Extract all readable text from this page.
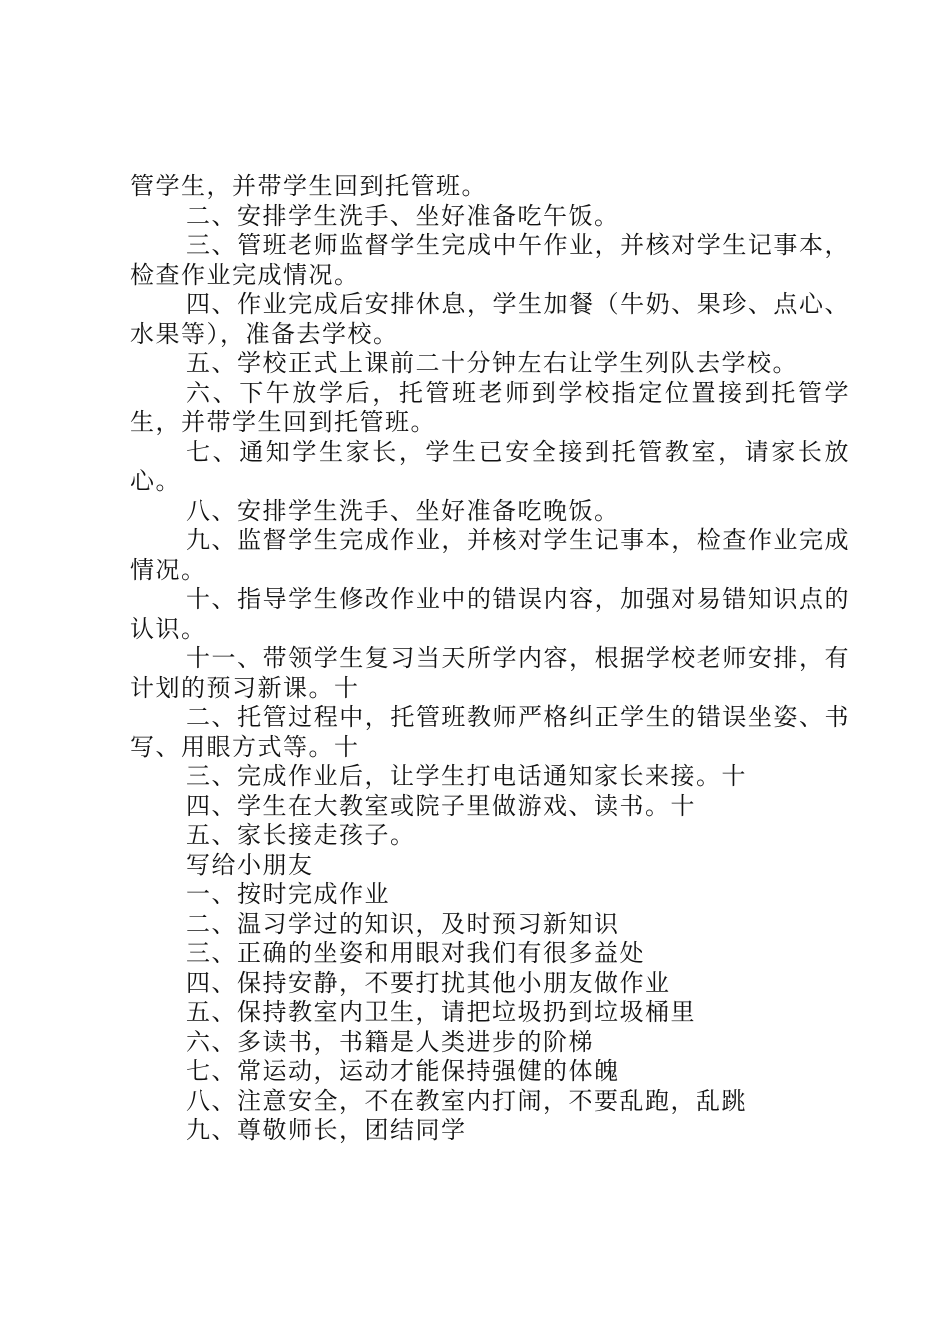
管学生，并带学生回到托管班。

二、安排学生洗手、坐好准备吃午饭。

三、管班老师监督学生完成中午作业，并核对学生记事本，检查作业完成情况。

四、作业完成后安排休息，学生加餐（牛奶、果珍、点心、水果等），准备去学校。

五、学校正式上课前二十分钟左右让学生列队去学校。

六、下午放学后，托管班老师到学校指定位置接到托管学生，并带学生回到托管班。

七、通知学生家长，学生已安全接到托管教室，请家长放心。

八、安排学生洗手、坐好准备吃晚饭。

九、监督学生完成作业，并核对学生记事本，检查作业完成情况。

十、指导学生修改作业中的错误内容，加强对易错知识点的认识。

十一、带领学生复习当天所学内容，根据学校老师安排，有计划的预习新课。十

二、托管过程中，托管班教师严格纠正学生的错误坐姿、书写、用眼方式等。十

三、完成作业后，让学生打电话通知家长来接。十

四、学生在大教室或院子里做游戏、读书。十

五、家长接走孩子。

写给小朋友

一、按时完成作业

二、温习学过的知识，及时预习新知识

三、正确的坐姿和用眼对我们有很多益处

四、保持安静，不要打扰其他小朋友做作业

五、保持教室内卫生，请把垃圾扔到垃圾桶里

六、多读书，书籍是人类进步的阶梯

七、常运动，运动才能保持强健的体魄

八、注意安全，不在教室内打闹，不要乱跑，乱跳

九、尊敬师长，团结同学
